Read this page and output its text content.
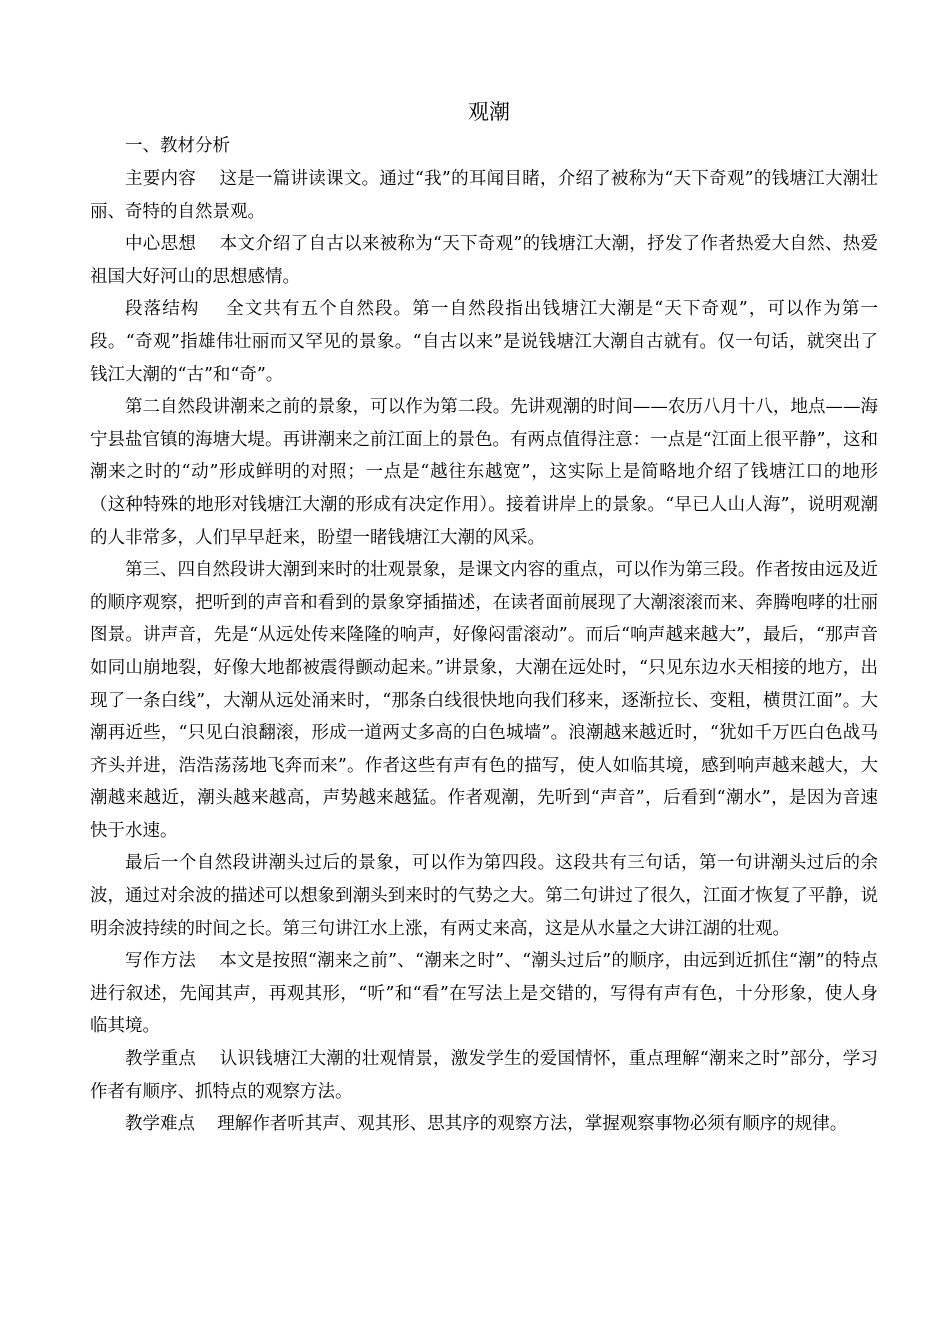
观潮

一、教材分析

主要内容 这是一篇讲读课文。通过“我”的耳闻目睹，介绍了被称为“天下奇观”的钱塘江大潮壮丽、奇特的自然景观。

中心思想 本文介绍了自古以来被称为“天下奇观”的钱塘江大潮，抒发了作者热爱大自然、热爱祖国大好河山的思想感情。

段落结构 全文共有五个自然段。第一自然段指出钱塘江大潮是“天下奇观”，可以作为第一段。“奇观”指雄伟壮丽而又罕见的景象。“自古以来”是说钱塘江大潮自古就有。仅一句话，就突出了钱江大潮的“古”和“奇”。

第二自然段讲潮来之前的景象，可以作为第二段。先讲观潮的时间——农历八月十八，地点——海宁县盐官镇的海塘大堤。再讲潮来之前江面上的景色。有两点值得注意：一点是“江面上很平静”，这和潮来之时的“动”形成鲜明的对照；一点是“越往东越宽”，这实际上是简略地介绍了钱塘江口的地形（这种特殊的地形对钱塘江大潮的形成有决定作用）。接着讲岸上的景象。“早已人山人海”，说明观潮的人非常多，人们早早赶来，盼望一睹钱塘江大潮的风采。

第三、四自然段讲大潮到来时的壮观景象，是课文内容的重点，可以作为第三段。作者按由远及近的顺序观察，把听到的声音和看到的景象穿插描述，在读者面前展现了大潮滚滚而来、奔腾咆哮的壮丽图景。讲声音，先是“从远处传来隆隆的响声，好像闷雷滚动”。而后“响声越来越大”，最后，“那声音如同山崩地裂，好像大地都被震得颤动起来。”讲景象，大潮在远处时，“只见东边水天相接的地方，出现了一条白线”，大潮从远处涌来时，“那条白线很快地向我们移来，逐渐拉长、变粗，横贯江面”。大潮再近些，“只见白浪翻滚，形成一道两丈多高的白色城墙”。浪潮越来越近时，“犹如千万匹白色战马齐头并进，浩浩荡荡地飞奔而来”。作者这些有声有色的描写，使人如临其境，感到响声越来越大，大潮越来越近，潮头越来越高，声势越来越猛。作者观潮，先听到“声音”，后看到“潮水”，是因为音速快于水速。

最后一个自然段讲潮头过后的景象，可以作为第四段。这段共有三句话，第一句讲潮头过后的余波，通过对余波的描述可以想象到潮头到来时的气势之大。第二句讲过了很久，江面才恢复了平静，说明余波持续的时间之长。第三句讲江水上涨，有两丈来高，这是从水量之大讲江湖的壮观。

写作方法 本文是按照“潮来之前”、“潮来之时”、“潮头过后”的顺序，由远到近抓住“潮”的特点进行叙述，先闻其声，再观其形，“听”和“看”在写法上是交错的，写得有声有色，十分形象，使人身临其境。

教学重点 认识钱塘江大潮的壮观情景，激发学生的爱国情怀，重点理解“潮来之时”部分，学习作者有顺序、抓特点的观察方法。

教学难点 理解作者听其声、观其形、思其序的观察方法，掌握观察事物必须有顺序的规律。
